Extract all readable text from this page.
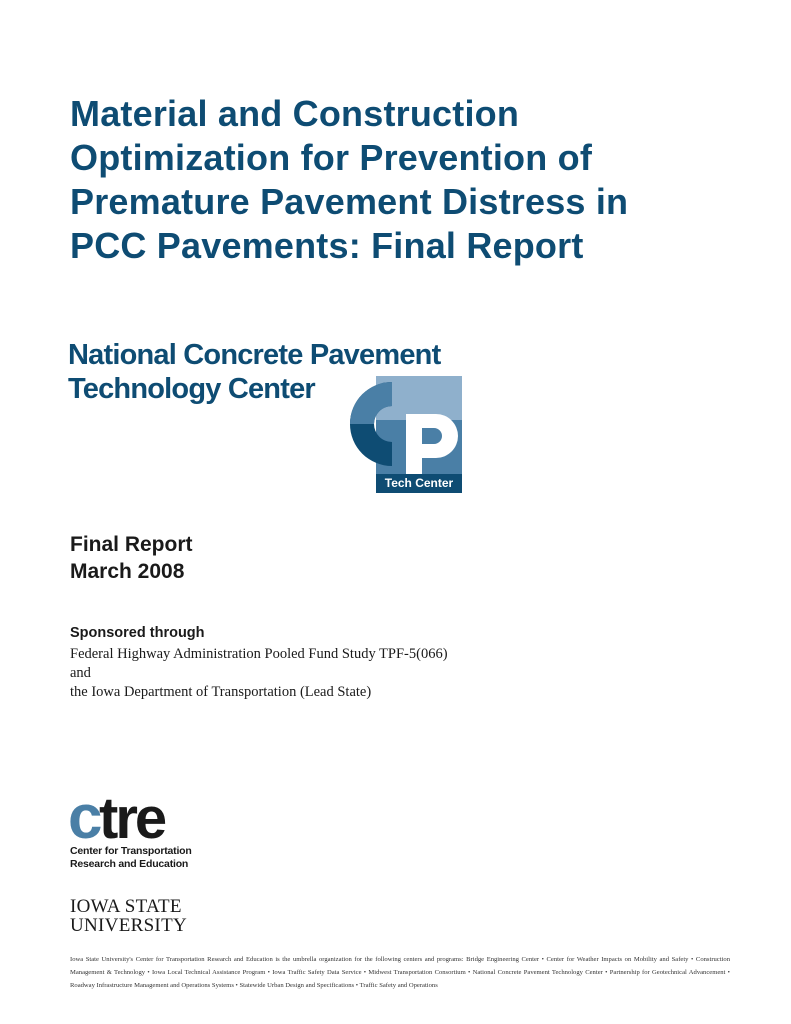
Material and Construction
Optimization for Prevention of
Premature Pavement Distress in
PCC Pavements: Final Report
National Concrete Pavement
Technology Center
Tech Center
Final Report
March 2008
Sponsored through
Federal Highway Administration Pooled Fund Study TPF-5(066)
and
the Iowa Department of Transportation (Lead State)
c tre
Center for Transportation
Research and Education
IOWA STATE
UNIVERSITY
Iowa State University's Center for Transportation Research and Education is the umbrella organization for the following centers and programs: Bridge Engineering Center • Center for Weather Impacts on Mobility and Safety • Construction Management & Technology • Iowa Local Technical Assistance Program • Iowa Traffic Safety Data Service • Midwest Transportation Consortium • National Concrete Pavement Technology Center • Partnership for Geotechnical Advancement • Roadway Infrastructure Management and Operations Systems • Statewide Urban Design and Specifications • Traffic Safety and Operations
